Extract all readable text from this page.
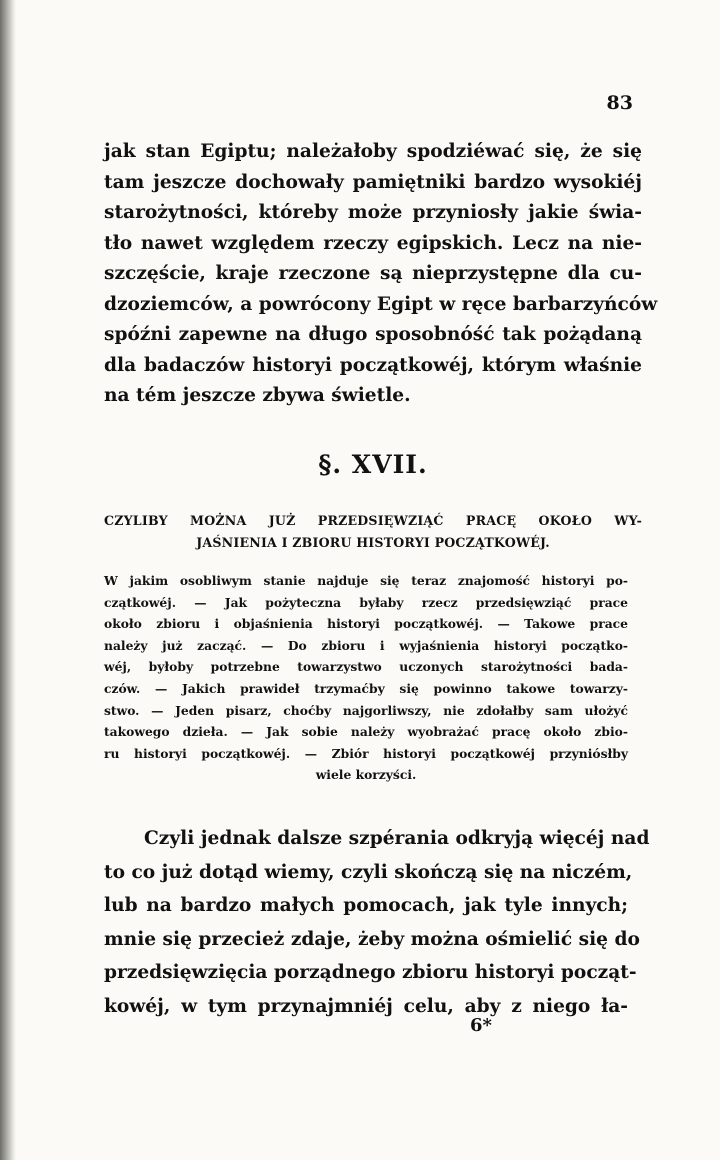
83
jak stan Egiptu; należałoby spodziéwać się, że się
tam jeszcze dochowały pamiętniki bardzo wysokiéj
starożytności, któreby może przyniosły jakie świa-
tło nawet względem rzeczy egipskich. Lecz na nie-
szczęście, kraje rzeczone są nieprzystępne dla cu-
dzoziemców, a powrócony Egipt w ręce barbarzyńców
spóźni zapewne na długo sposobnóść tak pożądaną
dla badaczów historyi początkowéj, którym właśnie
na tém jeszcze zbywa świetle.
§. XVII.
CZYLIBY MOŻNA JUŻ PRZEDSIĘWZIĄĆ PRACĘ OKOŁO WY-
JAŚNIENIA I ZBIORU HISTORYI POCZĄTKOWÉJ.
W jakim osobliwym stanie najduje się teraz znajomość historyi po-
czątkowéj. — Jak pożyteczna byłaby rzecz przedsięwziąć prace
około zbioru i objaśnienia historyi początkowéj. — Takowe prace
należy już zacząć. — Do zbioru i wyjaśnienia historyi początko-
wéj, byłoby potrzebne towarzystwo uczonych starożytności bada-
czów. — Jakich prawideł trzymaćby się powinno takowe towarzy-
stwo. — Jeden pisarz, choćby najgorliwszy, nie zdołałby sam ułożyć
takowego dzieła. — Jak sobie należy wyobrażać pracę około zbio-
ru historyi początkowéj. — Zbiór historyi początkowéj przyniósłby
wiele korzyści.
Czyli jednak dalsze szpérania odkryją więcéj nad
to co już dotąd wiemy, czyli skończą się na niczém,
lub na bardzo małych pomocach, jak tyle innych;
mnie się przecież zdaje, żeby można ośmielić się do
przedsięwzięcia porządnego zbioru historyi począt-
kowéj, w tym przynajmniéj celu, aby z niego ła-
6*
